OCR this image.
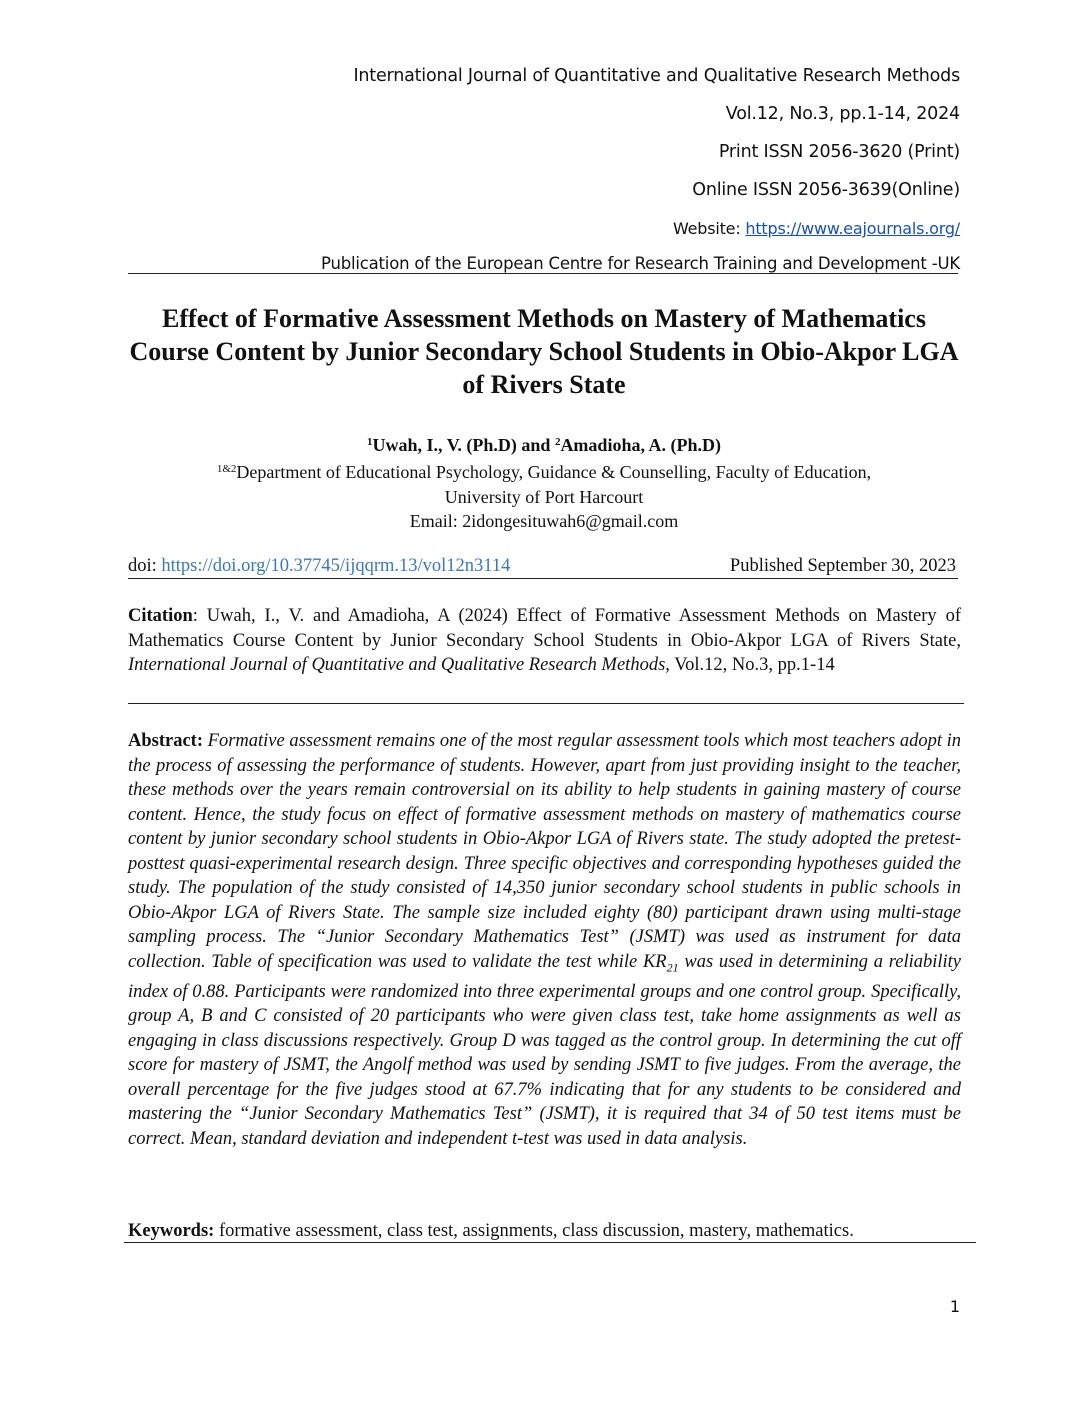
International Journal of Quantitative and Qualitative Research Methods
Vol.12, No.3, pp.1-14, 2024
Print ISSN 2056-3620 (Print)
Online ISSN 2056-3639(Online)
Website: https://www.eajournals.org/
Publication of the European Centre for Research Training and Development -UK
Effect of Formative Assessment Methods on Mastery of Mathematics Course Content by Junior Secondary School Students in Obio-Akpor LGA of Rivers State
$^1$Uwah, I., V. (Ph.D) and $^2$Amadioha, A. (Ph.D)
$^{1\&2}$Department of Educational Psychology, Guidance & Counselling, Faculty of Education,
University of Port Harcourt
Email: 2idongesituwah6@gmail.com
doi: https://doi.org/10.37745/ijqqrm.13/vol12n3114	Published September 30, 2023

Citation: Uwah, I., V. and Amadioha, A (2024) Effect of Formative Assessment Methods on Mastery of Mathematics Course Content by Junior Secondary School Students in Obio-Akpor LGA of Rivers State, International Journal of Quantitative and Qualitative Research Methods, Vol.12, No.3, pp.1-14

Abstract: Formative assessment remains one of the most regular assessment tools which most teachers adopt in the process of assessing the performance of students. However, apart from just providing insight to the teacher, these methods over the years remain controversial on its ability to help students in gaining mastery of course content. Hence, the study focus on effect of formative assessment methods on mastery of mathematics course content by junior secondary school students in Obio-Akpor LGA of Rivers state. The study adopted the pretest-posttest quasi-experimental research design. Three specific objectives and corresponding hypotheses guided the study. The population of the study consisted of 14,350 junior secondary school students in public schools in Obio-Akpor LGA of Rivers State. The sample size included eighty (80) participant drawn using multi-stage sampling process. The “Junior Secondary Mathematics Test” (JSMT) was used as instrument for data collection. Table of specification was used to validate the test while $KR_{21}$ was used in determining a reliability index of 0.88. Participants were randomized into three experimental groups and one control group. Specifically, group A, B and C consisted of 20 participants who were given class test, take home assignments as well as engaging in class discussions respectively. Group D was tagged as the control group. In determining the cut off score for mastery of JSMT, the Angolf method was used by sending JSMT to five judges. From the average, the overall percentage for the five judges stood at 67.7% indicating that for any students to be considered and mastering the “Junior Secondary Mathematics Test” (JSMT), it is required that 34 of 50 test items must be correct. Mean, standard deviation and independent t-test was used in data analysis.

Keywords: formative assessment, class test, assignments, class discussion, mastery, mathematics.
1
